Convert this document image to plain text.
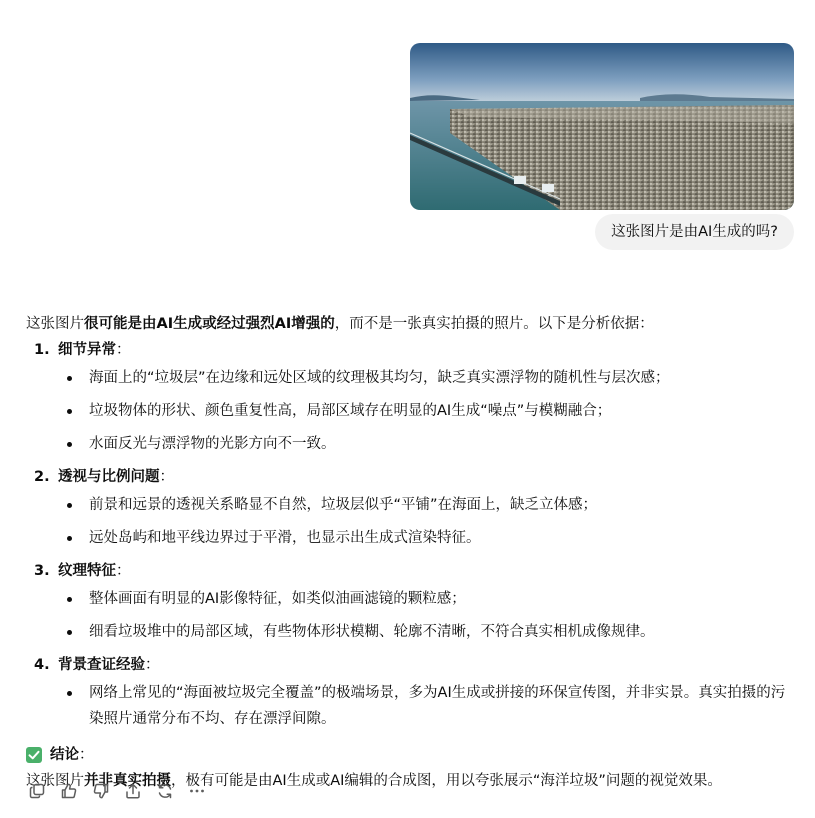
这张图片是由AI生成的吗?

这张图片很可能是由AI生成或经过强烈AI增强的，而不是一张真实拍摄的照片。以下是分析依据：

1. 细节异常：
海面上的“垃圾层”在边缘和远处区域的纹理极其均匀，缺乏真实漂浮物的随机性与层次感；
垃圾物体的形状、颜色重复性高，局部区域存在明显的AI生成“噪点”与模糊融合；
水面反光与漂浮物的光影方向不一致。
2. 透视与比例问题：
前景和远景的透视关系略显不自然，垃圾层似乎“平铺”在海面上，缺乏立体感；
远处岛屿和地平线边界过于平滑，也显示出生成式渲染特征。
3. 纹理特征：
整体画面有明显的AI影像特征，如类似油画滤镜的颗粒感；
细看垃圾堆中的局部区域，有些物体形状模糊、轮廓不清晰，不符合真实相机成像规律。
4. 背景查证经验：
网络上常见的“海面被垃圾完全覆盖”的极端场景，多为AI生成或拼接的环保宣传图，并非实景。真实拍摄的污染照片通常分布不均、存在漂浮间隙。
结论 ：

这张图片并非真实拍摄，极有可能是由AI生成或AI编辑的合成图，用以夸张展示“海洋垃圾”问题的视觉效果。
